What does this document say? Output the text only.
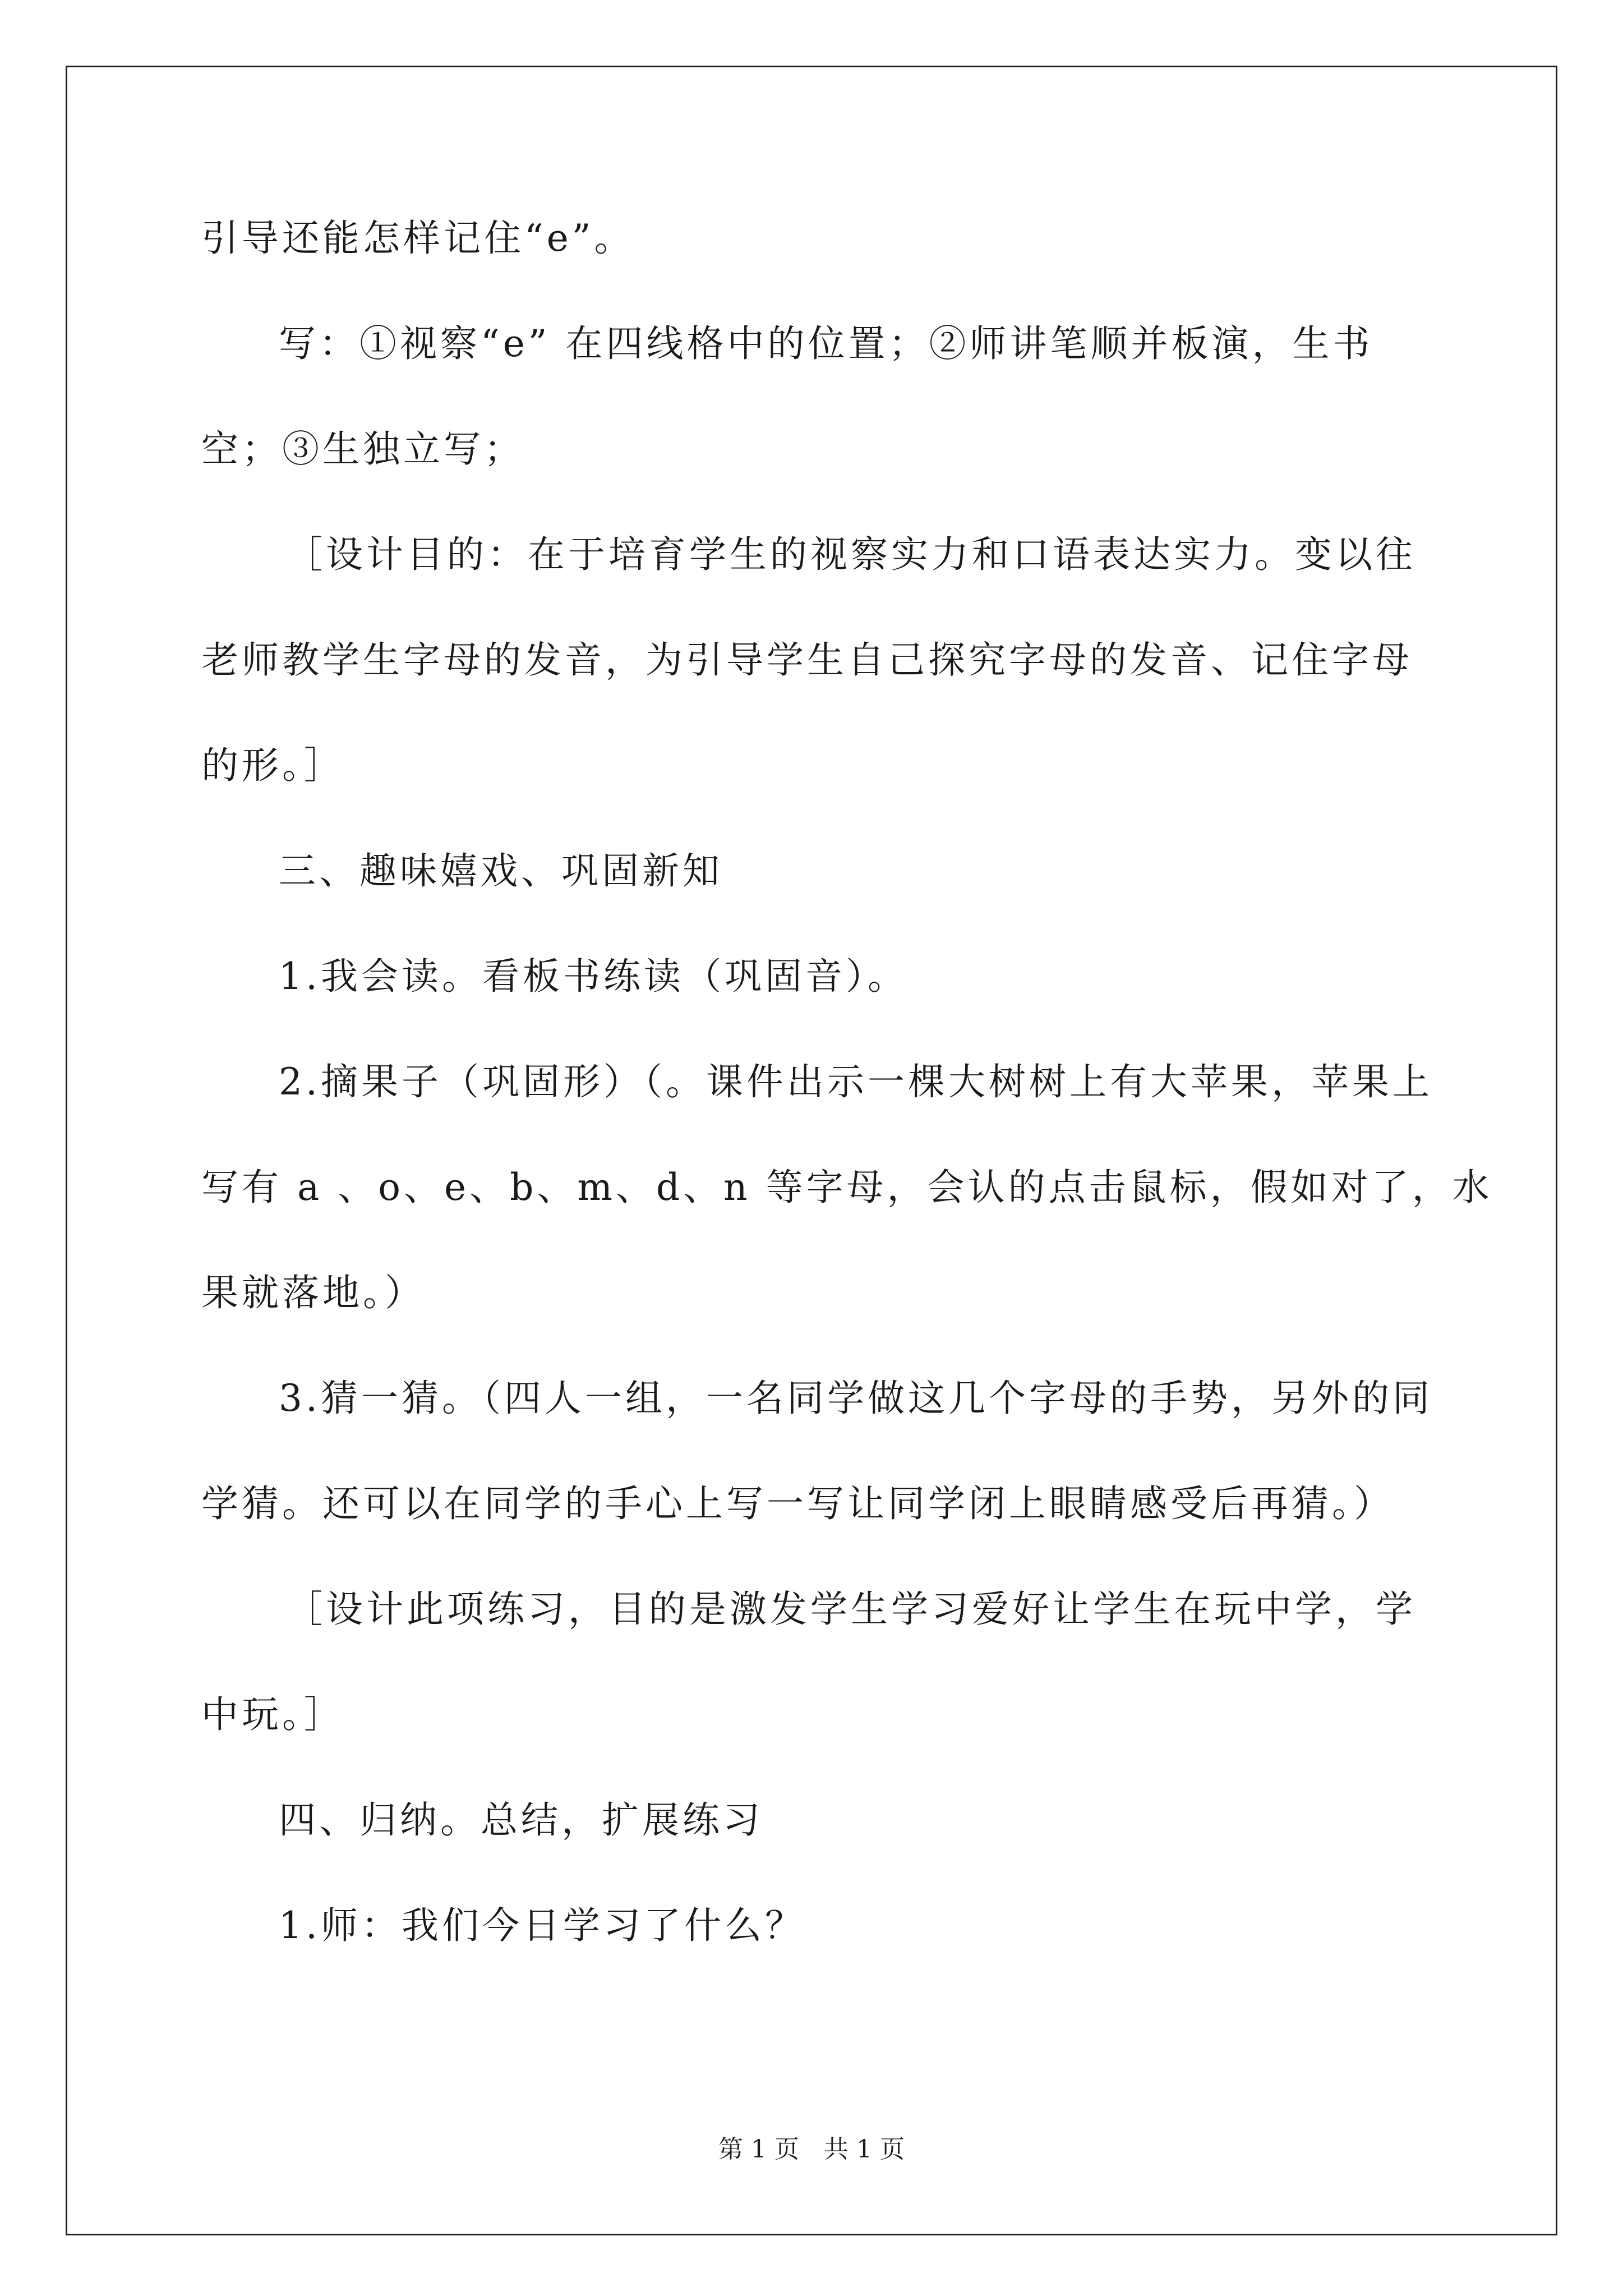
引导还能怎样记住“e”。
写：①视察“e” 在四线格中的位置；②师讲笔顺并板演，生书
空；③生独立写；
［设计目的：在于培育学生的视察实力和口语表达实力。变以往
老师教学生字母的发音，为引导学生自己探究字母的发音、记住字母
的形。］
三、趣味嬉戏、巩固新知
1.我会读。看板书练读（巩固音）。
2.摘果子（巩固形）（。课件出示一棵大树树上有大苹果，苹果上
写有 a 、o、e、b、m、d、n 等字母，会认的点击鼠标，假如对了，水
果就落地。）
3.猜一猜。（四人一组，一名同学做这几个字母的手势，另外的同
学猜。还可以在同学的手心上写一写让同学闭上眼睛感受后再猜。）
［设计此项练习，目的是激发学生学习爱好让学生在玩中学，学
中玩。］
四、归纳。总结，扩展练习
1.师：我们今日学习了什么？
第 1 页　共 1 页
